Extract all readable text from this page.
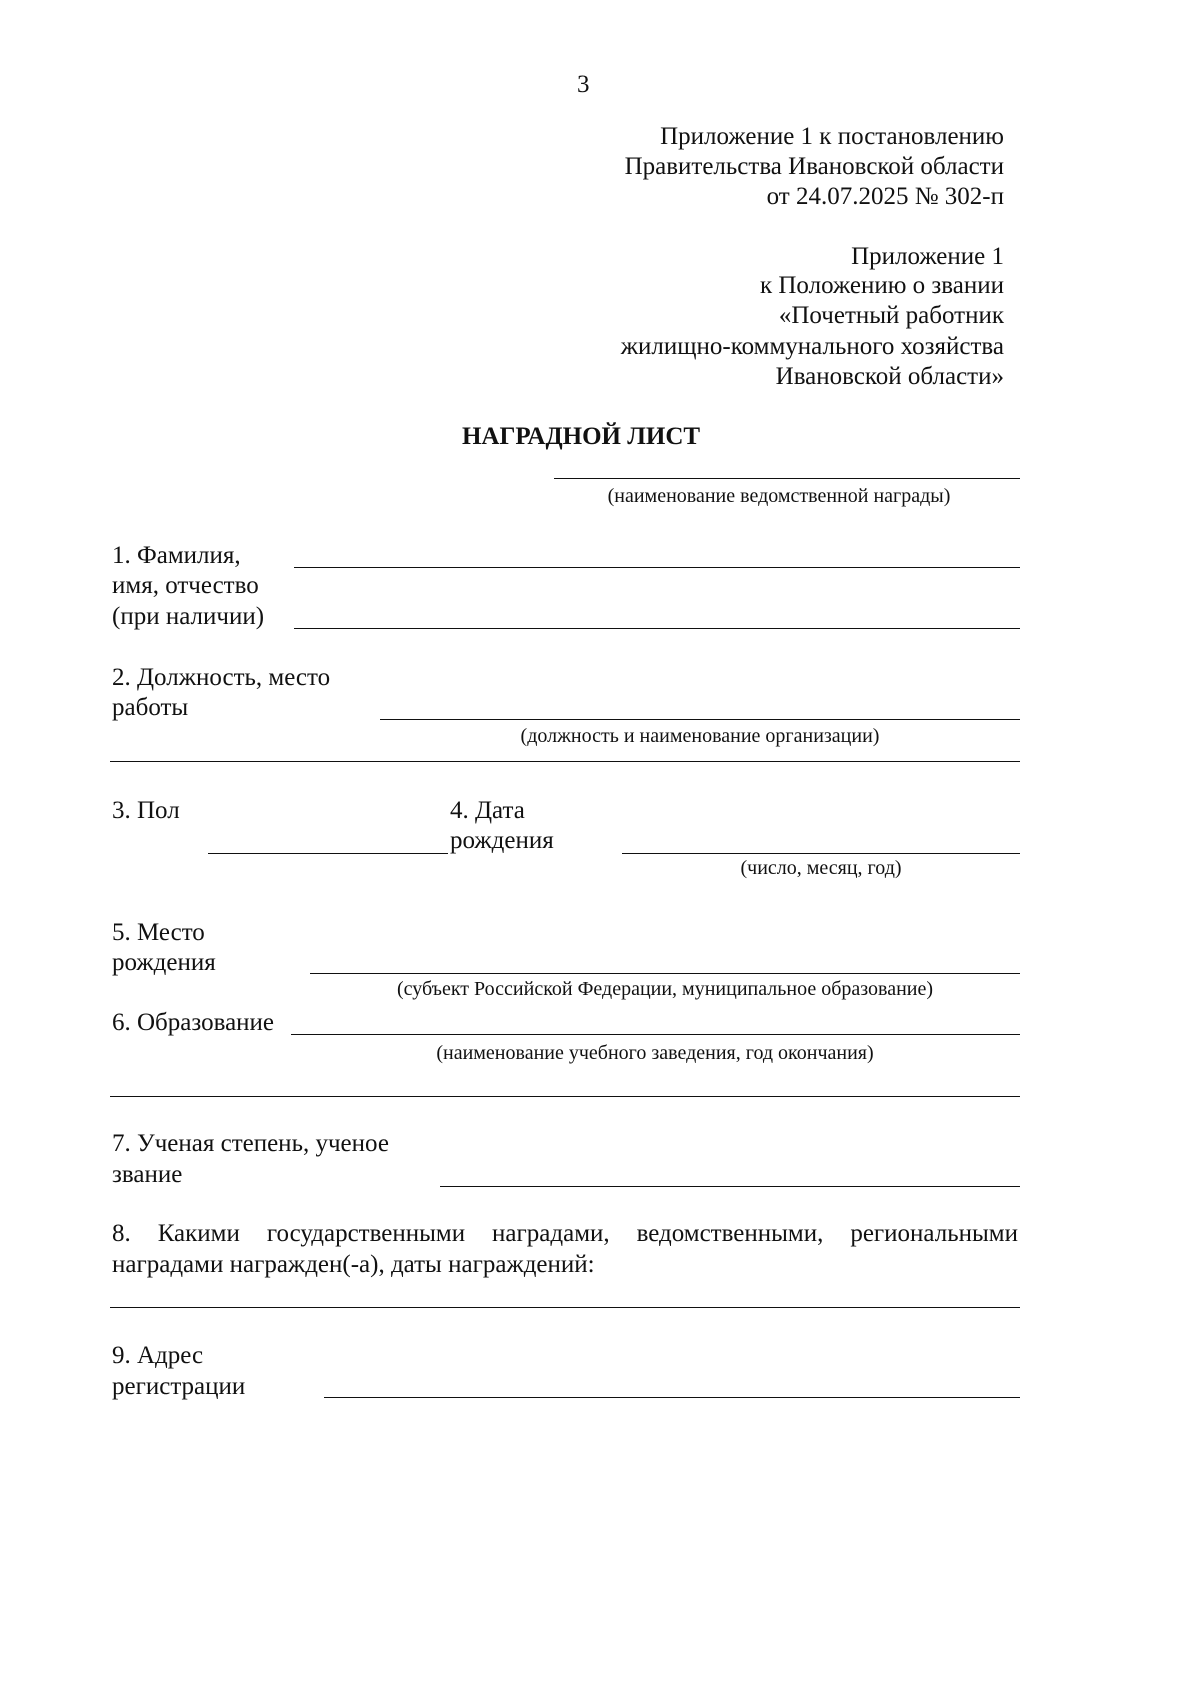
3
Приложение 1 к постановлению
Правительства Ивановской области
от 24.07.2025 № 302-п
Приложение 1
к Положению о звании
«Почетный работник
жилищно-коммунального хозяйства
Ивановской области»
НАГРАДНОЙ ЛИСТ
(наименование ведомственной награды)
1. Фамилия,
имя, отчество
(при наличии)
2. Должность, место
работы
(должность и наименование организации)
3. Пол	4. Дата
рождения
(число, месяц, год)
5. Место
рождения
(субъект Российской Федерации, муниципальное образование)
6. Образование
(наименование учебного заведения, год окончания)
7. Ученая степень, ученое
звание
8. Какими государственными наградами, ведомственными, региональными
наградами награжден(-а), даты награждений:
9. Адрес
регистрации
